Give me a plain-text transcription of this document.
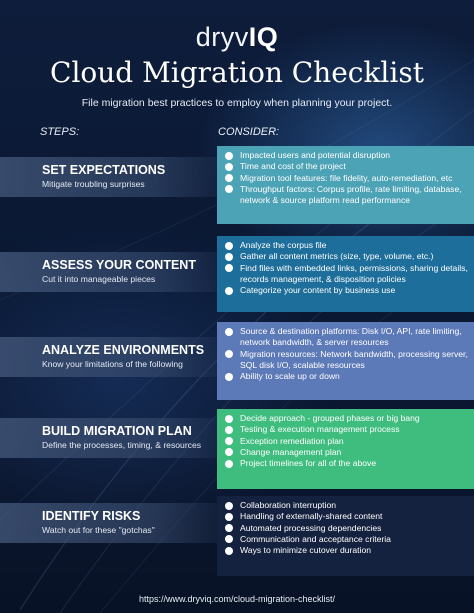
dryvIQ
Cloud Migration Checklist
File migration best practices to employ when planning your project.
STEPS:	CONSIDER:
SET EXPECTATIONS
Mitigate troubling surprises
Impacted users and potential disruption
Time and cost of the project
Migration tool features: file fidelity, auto-remediation, etc
Throughput factors: Corpus profile, rate limiting, database, network & source platform read performance
ASSESS YOUR CONTENT
Cut it into manageable pieces
Analyze the corpus file
Gather all content metrics (size, type, volume, etc.)
Find files with embedded links, permissions, sharing details, records management, & disposition policies
Categorize your content by business use
ANALYZE ENVIRONMENTS
Know your limitations of the following
Source & destination platforms: Disk I/O, API, rate limiting, network bandwidth, & server resources
Migration resources: Network bandwidth, processing server, SQL disk I/O, scalable resources
Ability to scale up or down
BUILD MIGRATION PLAN
Define the processes, timing, & resources
Decide approach - grouped phases or big bang
Testing & execution management process
Exception remediation plan
Change management plan
Project timelines for all of the above
IDENTIFY RISKS
Watch out for these "gotchas"
Collaboration interruption
Handling of externally-shared content
Automated processing dependencies
Communication and acceptance criteria
Ways to minimize cutover duration
https://www.dryviq.com/cloud-migration-checklist/
